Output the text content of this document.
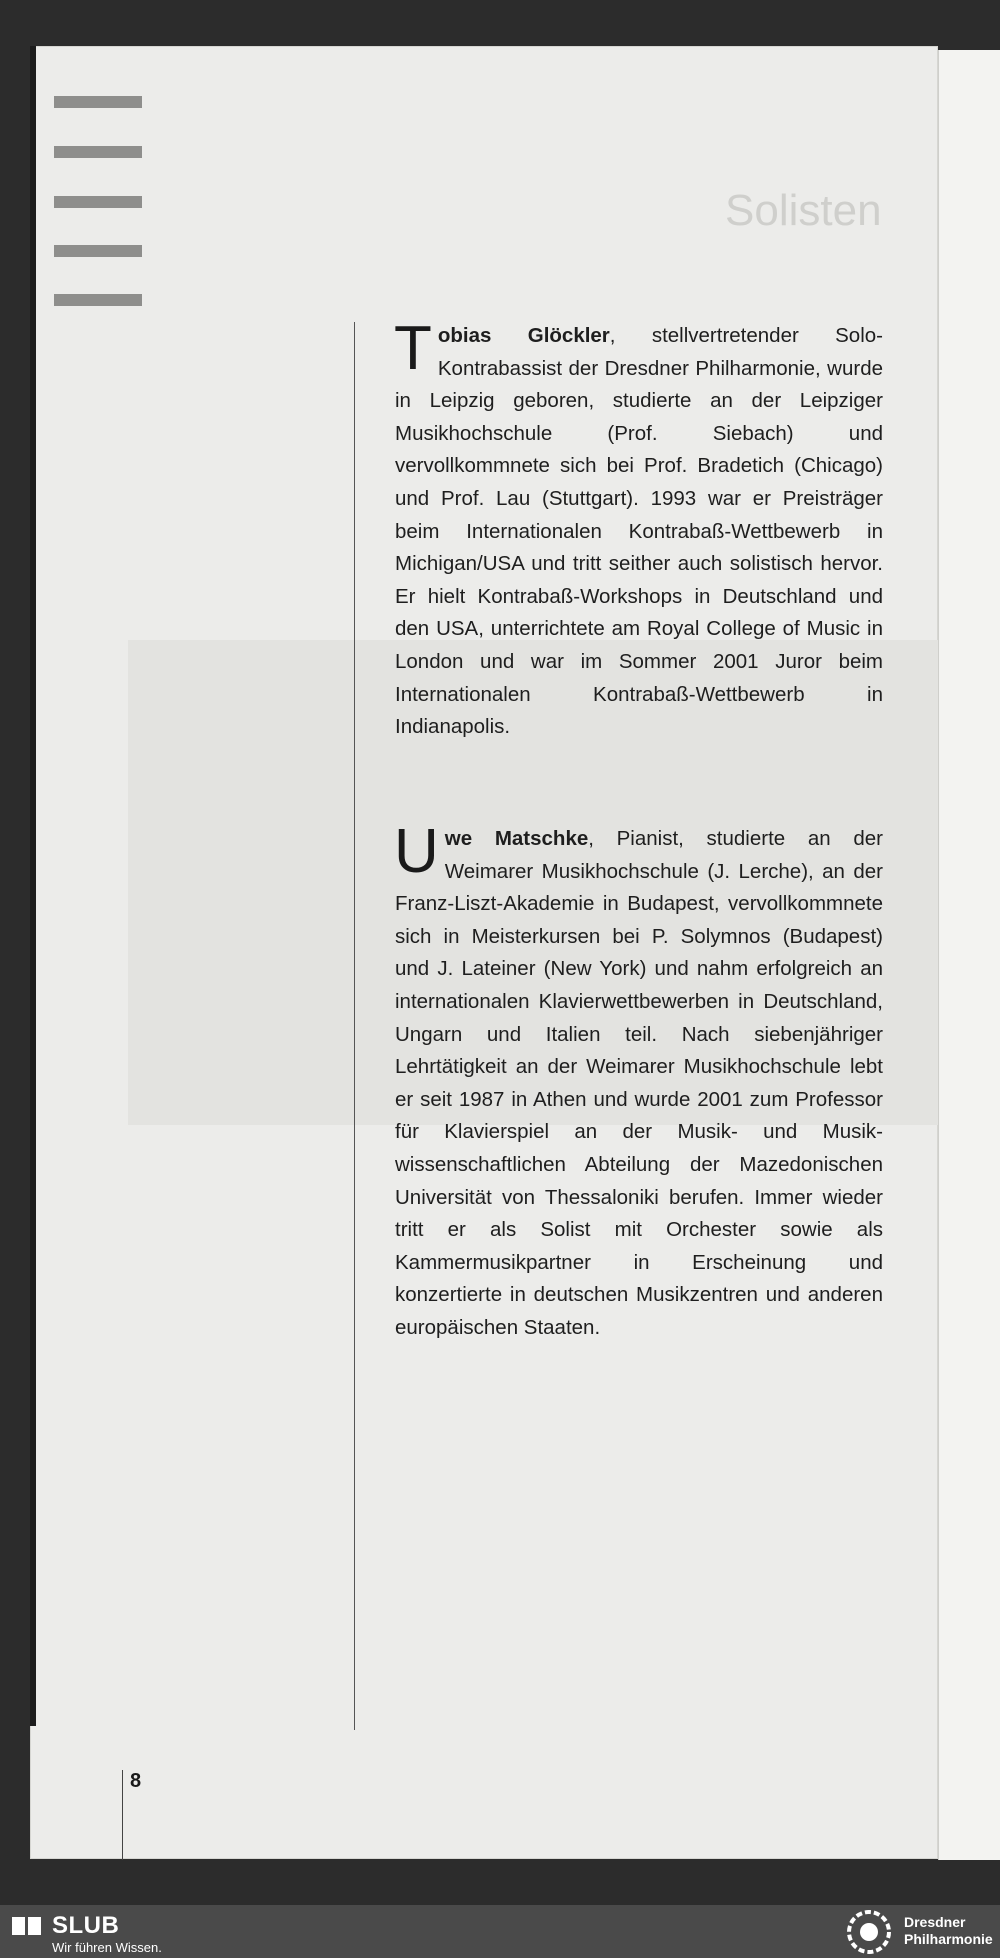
Solisten
Tobias Glöckler, stellvertretender Solo-Kontrabassist der Dresdner Philharmonie, wurde in Leipzig geboren, studierte an der Leipziger Musikhochschule (Prof. Siebach) und vervollkommnete sich bei Prof. Bradetich (Chicago) und Prof. Lau (Stuttgart). 1993 war er Preisträger beim Internationalen Kontrabaß-Wettbewerb in Michigan/USA und tritt seither auch solistisch hervor. Er hielt Kontrabaß-Workshops in Deutschland und den USA, unterrichtete am Royal College of Music in London und war im Sommer 2001 Juror beim Internationalen Kontrabaß-Wettbewerb in Indianapolis.
Uwe Matschke, Pianist, studierte an der Weimarer Musikhochschule (J. Lerche), an der Franz-Liszt-Akademie in Budapest, vervollkommnete sich in Meisterkursen bei P. Solymnos (Budapest) und J. Lateiner (New York) und nahm erfolgreich an internationalen Klavierwettbewerben in Deutschland, Ungarn und Italien teil. Nach siebenjähriger Lehrtätigkeit an der Weimarer Musikhochschule lebt er seit 1987 in Athen und wurde 2001 zum Professor für Klavierspiel an der Musik- und Musikwissenschaftlichen Abteilung der Mazedonischen Universität von Thessaloniki berufen. Immer wieder tritt er als Solist mit Orchester sowie als Kammermusikpartner in Erscheinung und konzertierte in deutschen Musikzentren und anderen europäischen Staaten.
8
SLUB
Wir führen Wissen.
Dresdner
Philharmonie
